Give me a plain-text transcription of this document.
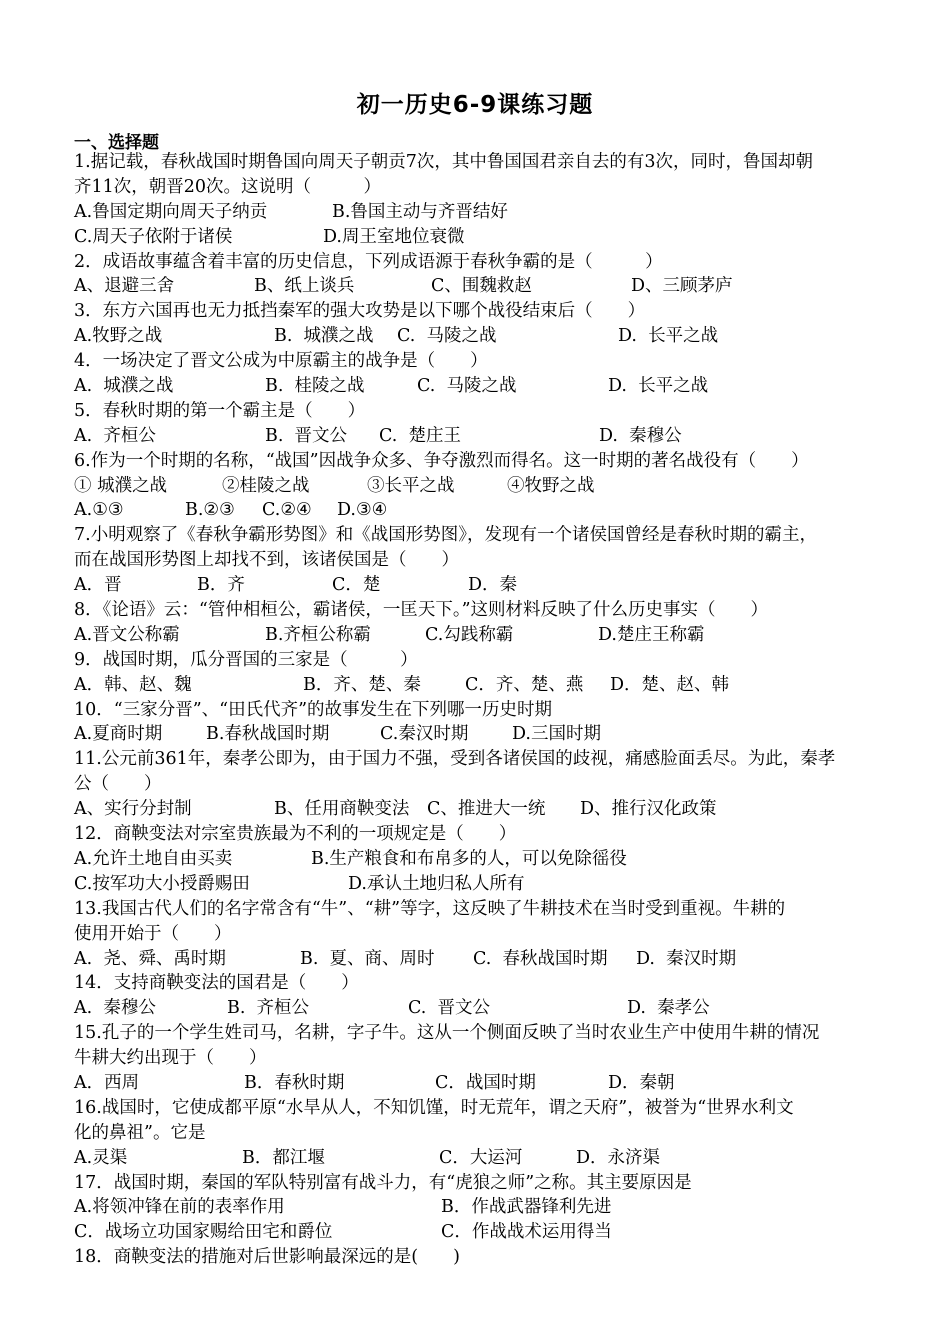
初一历史6-9课练习题
一、选择题
1.据记载，春秋战国时期鲁国向周天子朝贡7次，其中鲁国国君亲自去的有3次，同时，鲁国却朝
齐11次，朝晋20次。这说明（　　　）
A.鲁国定期向周天子纳贡	B.鲁国主动与齐晋结好
C.周天子依附于诸侯	D.周王室地位衰微
2．成语故事蕴含着丰富的历史信息，下列成语源于春秋争霸的是（　　　）
A、退避三舍	B、纸上谈兵	C、围魏救赵	D、三顾茅庐
3．东方六国再也无力抵挡秦军的强大攻势是以下哪个战役结束后（　　）
A.牧野之战	B.  城濮之战 C.  马陵之战	D.  长平之战
4．一场决定了晋文公成为中原霸主的战争是（　　）
A.  城濮之战	B.  桂陵之战	C.  马陵之战	D.  长平之战
5．春秋时期的第一个霸主是（　　）
A.  齐桓公	B.  晋文公 C.  楚庄王	D.  秦穆公
6.作为一个时期的名称，“战国”因战争众多、争夺激烈而得名。这一时期的著名战役有（　　）
① 城濮之战	②桂陵之战	③长平之战	④牧野之战
A.①③	B.②③ C.②④ D.③④
7.小明观察了《春秋争霸形势图》和《战国形势图》，发现有一个诸侯国曾经是春秋时期的霸主，
而在战国形势图上却找不到，该诸侯国是（　　）
A．晋	B．齐	C．楚	D．秦
8．《论语》云：“管仲相桓公，霸诸侯，一匡天下。”这则材料反映了什么历史事实（　　）
A.晋文公称霸	B.齐桓公称霸	C.勾践称霸	D.楚庄王称霸
9．战国时期，瓜分晋国的三家是（　　　）
A．韩、赵、魏	B．齐、楚、秦	C．齐、楚、燕 D．楚、赵、韩
10．“三家分晋”、“田氏代齐”的故事发生在下列哪一历史时期
A.夏商时期	B.春秋战国时期	C.秦汉时期 D.三国时期
11.公元前361年，秦孝公即为，由于国力不强，受到各诸侯国的歧视，痛感脸面丢尽。为此，秦孝
公（　　）
A、实行分封制	B、任用商鞅变法 C、推进大一统 D、推行汉化政策
12．商鞅变法对宗室贵族最为不利的一项规定是（　　）
A.允许土地自由买卖	B.生产粮食和布帛多的人，可以免除徭役
C.按军功大小授爵赐田	D.承认土地归私人所有
13.我国古代人们的名字常含有“牛”、“耕”等字，这反映了牛耕技术在当时受到重视。牛耕的
使用开始于（　　）
A.  尧、舜、禹时期	B.  夏、商、周时 C.  春秋战国时期 D.  秦汉时期
14．支持商鞅变法的国君是（　　）
A.  秦穆公	B.  齐桓公	C.  晋文公	D.  秦孝公
15.孔子的一个学生姓司马，名耕，字子牛。这从一个侧面反映了当时农业生产中使用牛耕的情况
牛耕大约出现于（　　）
A．西周	B．春秋时期	C．战国时期	D．秦朝
16.战国时，它使成都平原“水旱从人，不知饥馑，时无荒年，谓之天府”，被誉为“世界水利文
化的鼻祖”。它是
A.灵渠	B．都江堰	C．大运河	D．永济渠
17．战国时期，秦国的军队特别富有战斗力，有“虎狼之师”之称。其主要原因是
A.将领冲锋在前的表率作用	B．作战武器锋利先进
C．战场立功国家赐给田宅和爵位	C．作战战术运用得当
18．商鞅变法的措施对后世影响最深远的是(　　)
